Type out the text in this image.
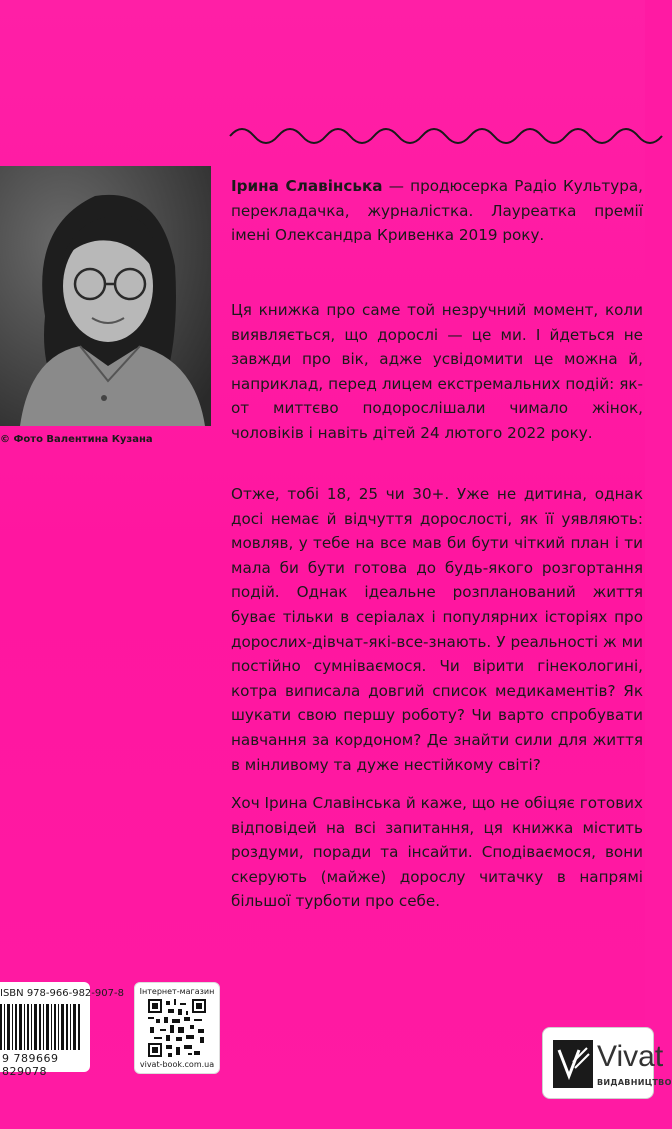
© Фото Валентина Кузана

Ірина Славінська — продюсерка Радіо Культура, перекладачка, журналістка. Лауреатка премії імені Олександра Кривенка 2019 року.

Ця книжка про саме той незручний момент, коли виявляється, що дорослі — це ми. І йдеться не завжди про вік, адже усвідомити це можна й, наприклад, перед лицем екстремальних подій: як-от миттєво подорослішали чимало жінок, чоловіків і навіть дітей 24 лютого 2022 року.

Отже, тобі 18, 25 чи 30+. Уже не дитина, однак досі немає й відчуття дорослості, як її уявляють: мовляв, у тебе на все мав би бути чіткий план і ти мала би бути готова до будь-якого розгортання подій. Однак ідеальне розпланований життя буває тільки в серіалах і популярних історіях про дорослих-дівчат-які-все-знають. У реальності ж ми постійно сумніваємося. Чи вірити гінекологині, котра виписала довгий список медикаментів? Як шукати свою першу роботу? Чи варто спробувати навчання за кордоном? Де знайти сили для життя в мінливому та дуже нестійкому світі?

Хоч Ірина Славінська й каже, що не обіцяє готових відповідей на всі запитання, ця книжка містить роздуми, поради та інсайти. Сподіваємося, вони скерують (майже) дорослу читачку в напрямі більшої турботи про себе.

ISBN 978-966-982-907-8
9 789669 829078
Інтернет-магазин
vivat-book.com.ua	Vivat
ВИДАВНИЦТВО
